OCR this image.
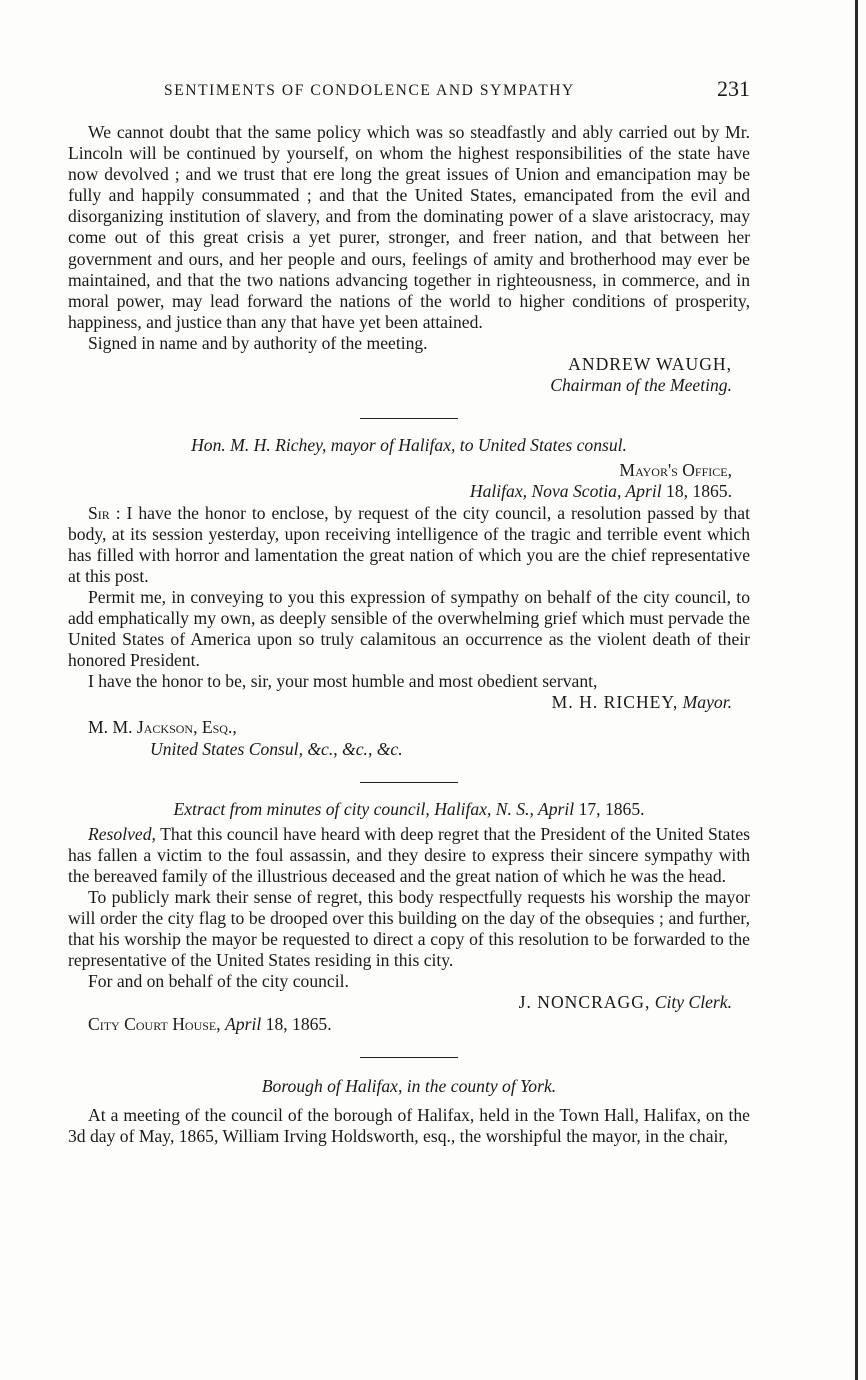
SENTIMENTS OF CONDOLENCE AND SYMPATHY	231

We cannot doubt that the same policy which was so steadfastly and ably carried out by Mr. Lincoln will be continued by yourself, on whom the highest responsibilities of the state have now devolved ; and we trust that ere long the great issues of Union and emancipation may be fully and happily consummated ; and that the United States, emancipated from the evil and disorganizing institution of slavery, and from the dominating power of a slave aristocracy, may come out of this great crisis a yet purer, stronger, and freer nation, and that between her government and ours, and her people and ours, feelings of amity and brotherhood may ever be maintained, and that the two nations advancing together in righteousness, in commerce, and in moral power, may lead forward the nations of the world to higher conditions of prosperity, happiness, and justice than any that have yet been attained.

Signed in name and by authority of the meeting.

ANDREW WAUGH,

Chairman of the Meeting.

Hon. M. H. Richey, mayor of Halifax, to United States consul.

Mayor's Office,

Halifax, Nova Scotia, April 18, 1865.

Sir : I have the honor to enclose, by request of the city council, a resolution passed by that body, at its session yesterday, upon receiving intelligence of the tragic and terrible event which has filled with horror and lamentation the great nation of which you are the chief representative at this post.

Permit me, in conveying to you this expression of sympathy on behalf of the city council, to add emphatically my own, as deeply sensible of the overwhelming grief which must pervade the United States of America upon so truly calamitous an occurrence as the violent death of their honored President.

I have the honor to be, sir, your most humble and most obedient servant,

M. H. RICHEY, Mayor.

M. M. Jackson, Esq.,

United States Consul, &c., &c., &c.

Extract from minutes of city council, Halifax, N. S., April 17, 1865.

Resolved, That this council have heard with deep regret that the President of the United States has fallen a victim to the foul assassin, and they desire to express their sincere sympathy with the bereaved family of the illustrious deceased and the great nation of which he was the head.

To publicly mark their sense of regret, this body respectfully requests his worship the mayor will order the city flag to be drooped over this building on the day of the obsequies ; and further, that his worship the mayor be requested to direct a copy of this resolution to be forwarded to the representative of the United States residing in this city.

For and on behalf of the city council.

J. NONCRAGG, City Clerk.

City Court House, April 18, 1865.

Borough of Halifax, in the county of York.

At a meeting of the council of the borough of Halifax, held in the Town Hall, Halifax, on the 3d day of May, 1865, William Irving Holdsworth, esq., the worshipful the mayor, in the chair,
